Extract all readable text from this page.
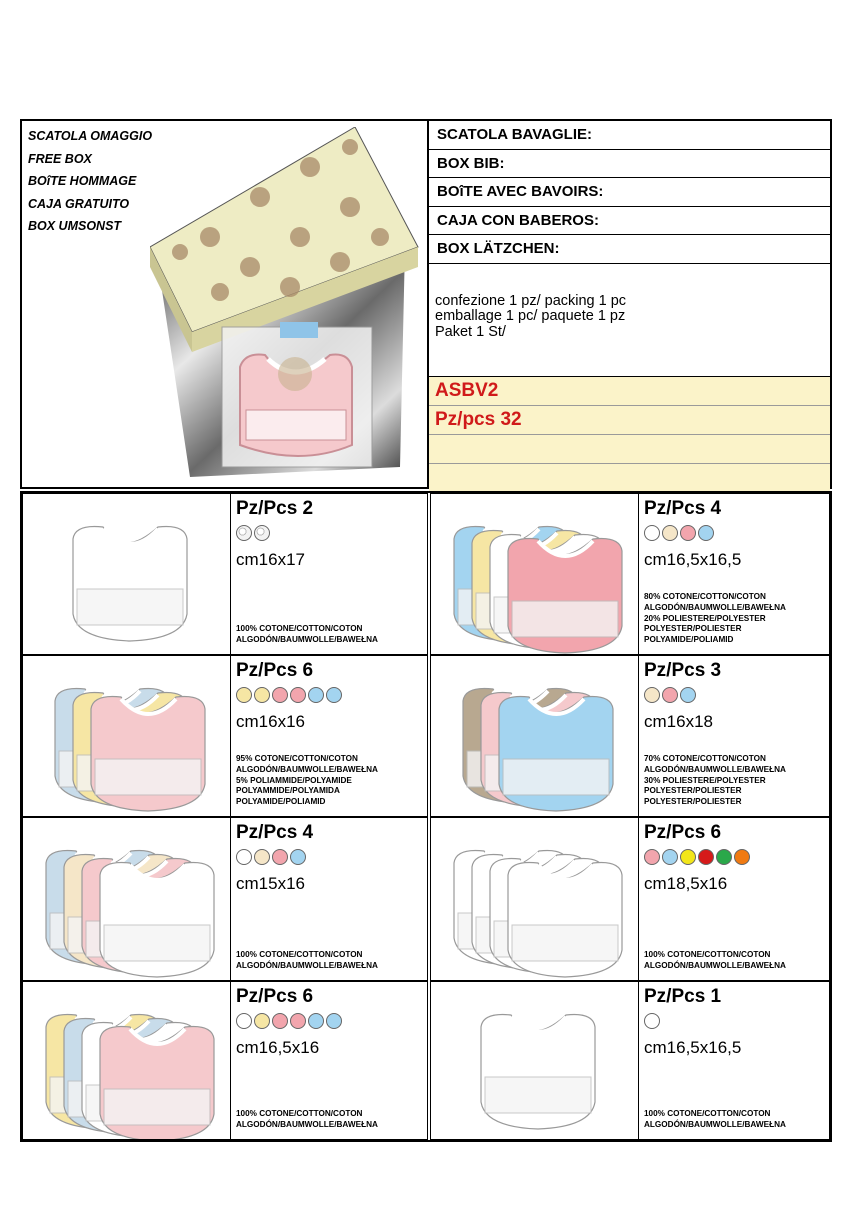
SCATOLA OMAGGIO
FREE BOX
BOîTE HOMMAGE
CAJA GRATUITO
BOX UMSONST
SCATOLA BAVAGLIE:
BOX BIB:
BOîTE AVEC BAVOIRS:
CAJA CON BABEROS:
BOX LÄTZCHEN:
confezione 1 pz/ packing 1 pc
emballage 1 pc/ paquete 1 pz
Paket 1 St/
ASBV2
Pz/pcs 32
Pz/Pcs 2
cm16x17
100% COTONE/COTTON/COTON
ALGODÓN/BAUMWOLLE/BAWEŁNA
Pz/Pcs 4
cm16,5x16,5
80% COTONE/COTTON/COTON
ALGODÓN/BAUMWOLLE/BAWEŁNA
20% POLIESTERE/POLYESTER
POLYESTER/POLIESTER
POLYAMIDE/POLIAMID
Pz/Pcs 6
cm16x16
95% COTONE/COTTON/COTON
ALGODÓN/BAUMWOLLE/BAWEŁNA
5% POLIAMMIDE/POLYAMIDE
POLYAMMIDE/POLYAMIDA
POLYAMIDE/POLIAMID
Pz/Pcs 3
cm16x18
70% COTONE/COTTON/COTON
ALGODÓN/BAUMWOLLE/BAWEŁNA
30% POLIESTERE/POLYESTER
POLYESTER/POLIESTER
POLYESTER/POLIESTER
Pz/Pcs 4
cm15x16
100% COTONE/COTTON/COTON
ALGODÓN/BAUMWOLLE/BAWEŁNA
Pz/Pcs 6
cm18,5x16
100% COTONE/COTTON/COTON
ALGODÓN/BAUMWOLLE/BAWEŁNA
Pz/Pcs 6
cm16,5x16
100% COTONE/COTTON/COTON
ALGODÓN/BAUMWOLLE/BAWEŁNA
Pz/Pcs 1
cm16,5x16,5
100% COTONE/COTTON/COTON
ALGODÓN/BAUMWOLLE/BAWEŁNA
